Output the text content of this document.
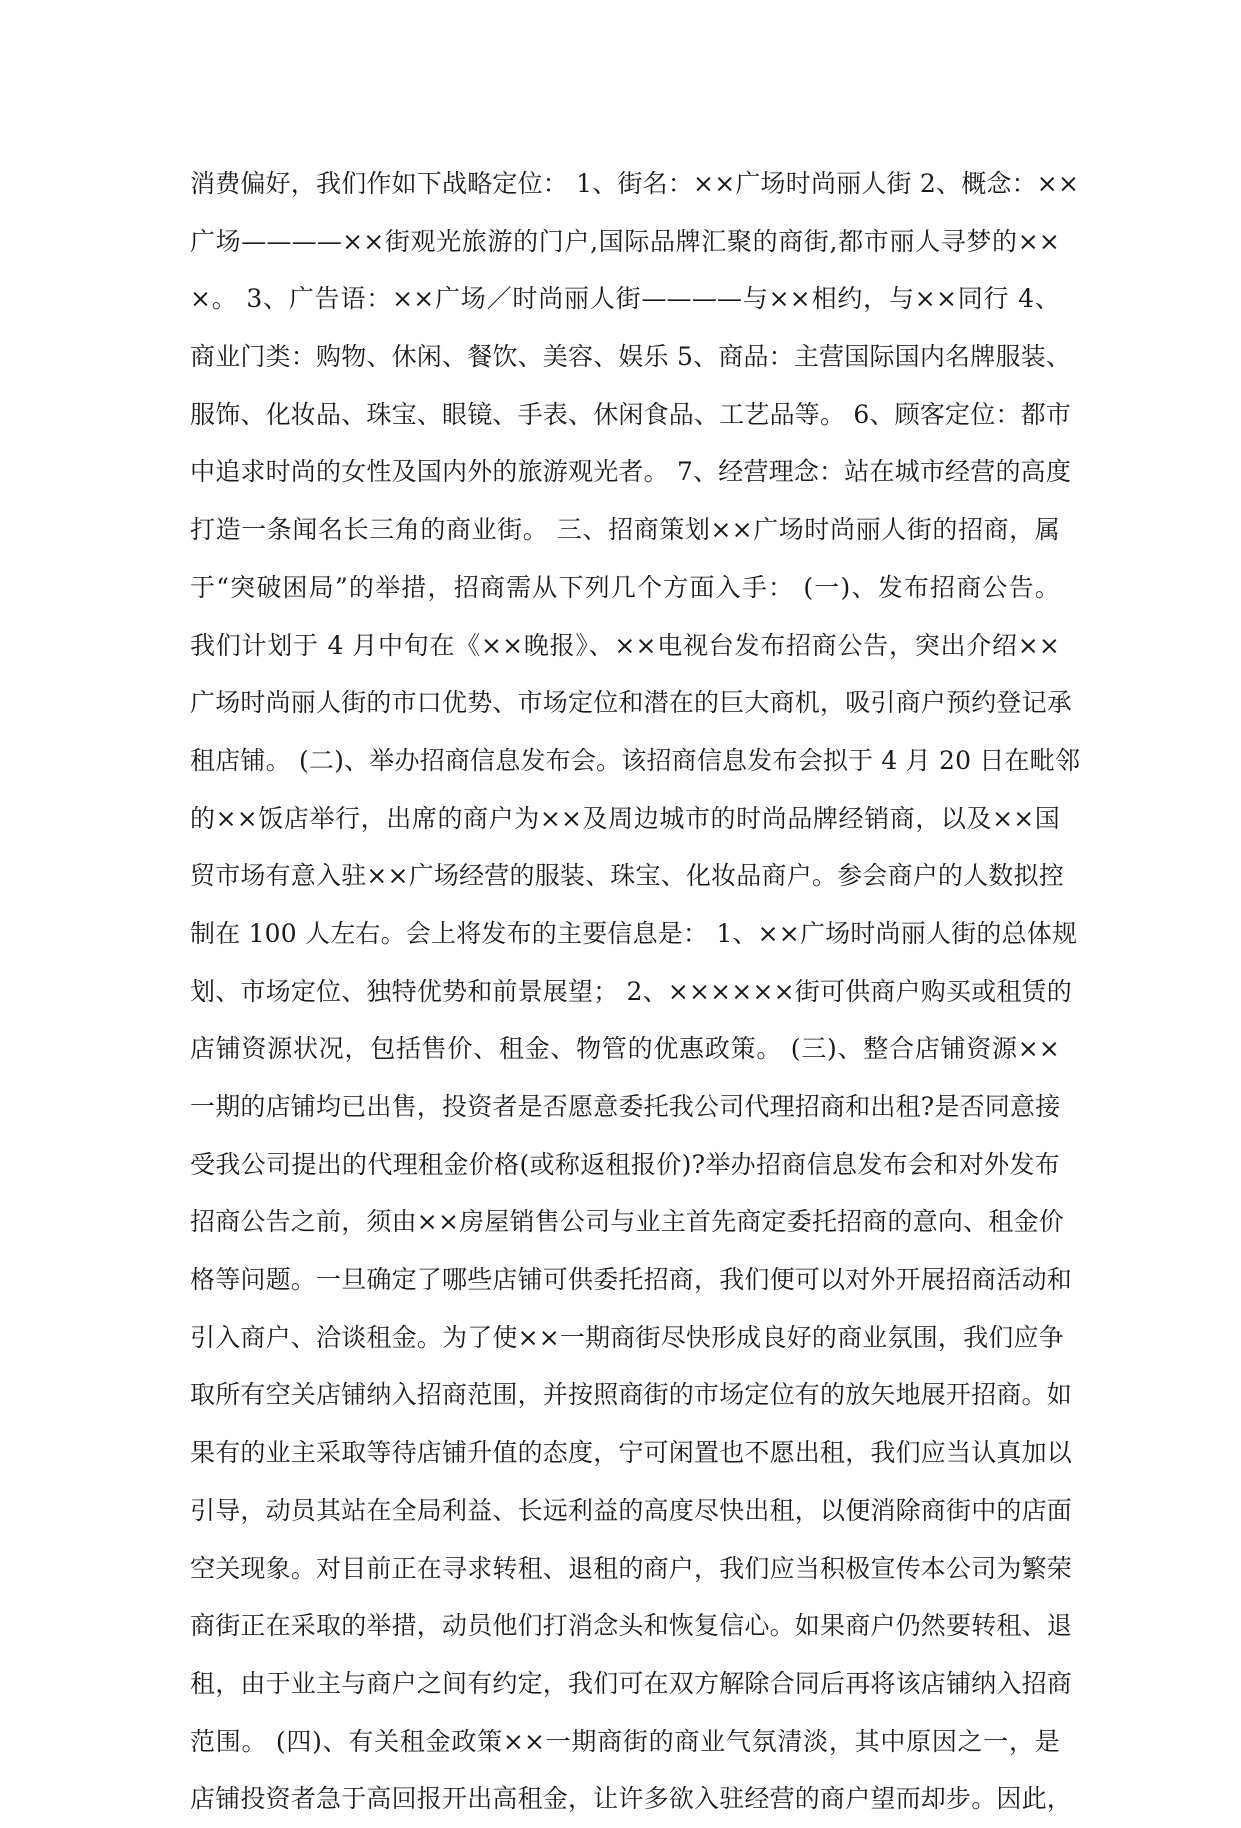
消费偏好，我们作如下战略定位： 1、街名：××广场时尚丽人街 2、概念：××
广场————××街观光旅游的门户,国际品牌汇聚的商街,都市丽人寻梦的××
×。 3、广告语：××广场／时尚丽人街————与××相约，与××同行 4、
商业门类：购物、休闲、餐饮、美容、娱乐 5、商品：主营国际国内名牌服装、
服饰、化妆品、珠宝、眼镜、手表、休闲食品、工艺品等。 6、顾客定位：都市
中追求时尚的女性及国内外的旅游观光者。 7、经营理念：站在城市经营的高度
打造一条闻名长三角的商业街。 三、招商策划××广场时尚丽人街的招商，属
于“突破困局”的举措，招商需从下列几个方面入手： (一)、发布招商公告。
我们计划于 4 月中旬在《××晚报》、××电视台发布招商公告，突出介绍××
广场时尚丽人街的市口优势、市场定位和潜在的巨大商机，吸引商户预约登记承
租店铺。 (二)、举办招商信息发布会。该招商信息发布会拟于 4 月 20 日在毗邻
的××饭店举行，出席的商户为××及周边城市的时尚品牌经销商，以及××国
贸市场有意入驻××广场经营的服装、珠宝、化妆品商户。参会商户的人数拟控
制在 100 人左右。会上将发布的主要信息是： 1、××广场时尚丽人街的总体规
划、市场定位、独特优势和前景展望； 2、××××××街可供商户购买或租赁的
店铺资源状况，包括售价、租金、物管的优惠政策。 (三)、整合店铺资源××
一期的店铺均已出售，投资者是否愿意委托我公司代理招商和出租?是否同意接
受我公司提出的代理租金价格(或称返租报价)?举办招商信息发布会和对外发布
招商公告之前，须由××房屋销售公司与业主首先商定委托招商的意向、租金价
格等问题。一旦确定了哪些店铺可供委托招商，我们便可以对外开展招商活动和
引入商户、洽谈租金。为了使××一期商街尽快形成良好的商业氛围，我们应争
取所有空关店铺纳入招商范围，并按照商街的市场定位有的放矢地展开招商。如
果有的业主采取等待店铺升值的态度，宁可闲置也不愿出租，我们应当认真加以
引导，动员其站在全局利益、长远利益的高度尽快出租，以便消除商街中的店面
空关现象。对目前正在寻求转租、退租的商户，我们应当积极宣传本公司为繁荣
商街正在采取的举措，动员他们打消念头和恢复信心。如果商户仍然要转租、退
租，由于业主与商户之间有约定，我们可在双方解除合同后再将该店铺纳入招商
范围。 (四)、有关租金政策××一期商街的商业气氛清淡，其中原因之一，是
店铺投资者急于高回报开出高租金，让许多欲入驻经营的商户望而却步。因此，
